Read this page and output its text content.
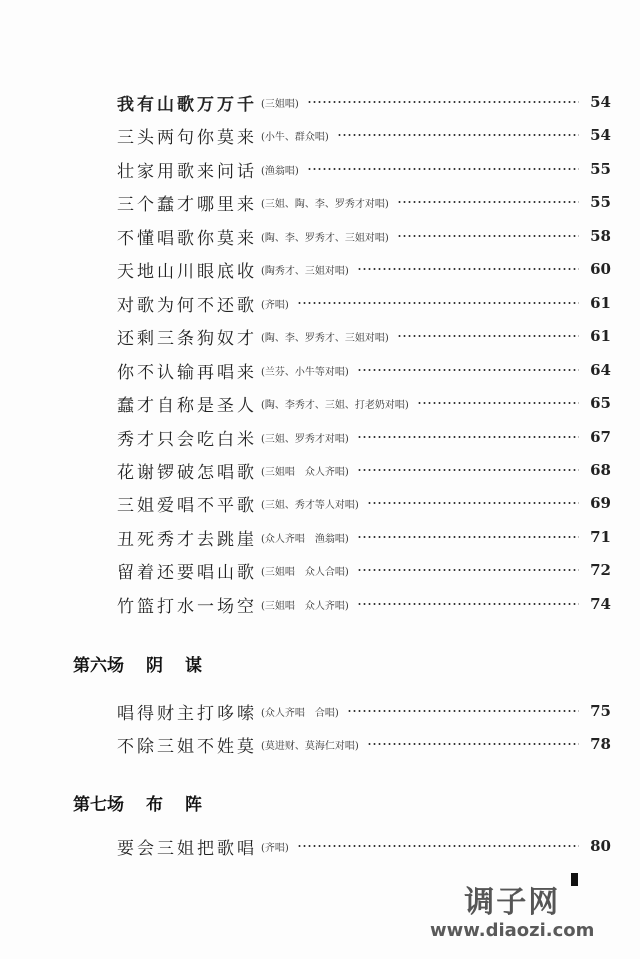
我有山歌万万千 (三姐唱)	54
三头两句你莫来 (小牛、群众唱)	54
壮家用歌来问话 (渔翁唱)	55
三个蠢才哪里来 (三姐、陶、李、罗秀才对唱)	55
不懂唱歌你莫来 (陶、李、罗秀才、三姐对唱)	58
天地山川眼底收 (陶秀才、三姐对唱)	60
对歌为何不还歌 (齐唱)	61
还剩三条狗奴才 (陶、李、罗秀才、三姐对唱)	61
你不认输再唱来 (兰芬、小牛等对唱)	64
蠢才自称是圣人 (陶、李秀才、三姐、打老奶对唱)	65
秀才只会吃白米 (三姐、罗秀才对唱)	67
花谢锣破怎唱歌 (三姐唱　众人齐唱)	68
三姐爱唱不平歌 (三姐、秀才等人对唱)	69
丑死秀才去跳崖 (众人齐唱　渔翁唱)	71
留着还要唱山歌 (三姐唱　众人合唱)	72
竹篮打水一场空 (三姐唱　众人齐唱)	74
第六场 阴 谋
唱得财主打哆嗦 (众人齐唱　合唱)	75
不除三姐不姓莫 (莫进财、莫海仁对唱)	78
第七场 布 阵
要会三姐把歌唱 (齐唱)	80
调子网
www.diaozi.com
